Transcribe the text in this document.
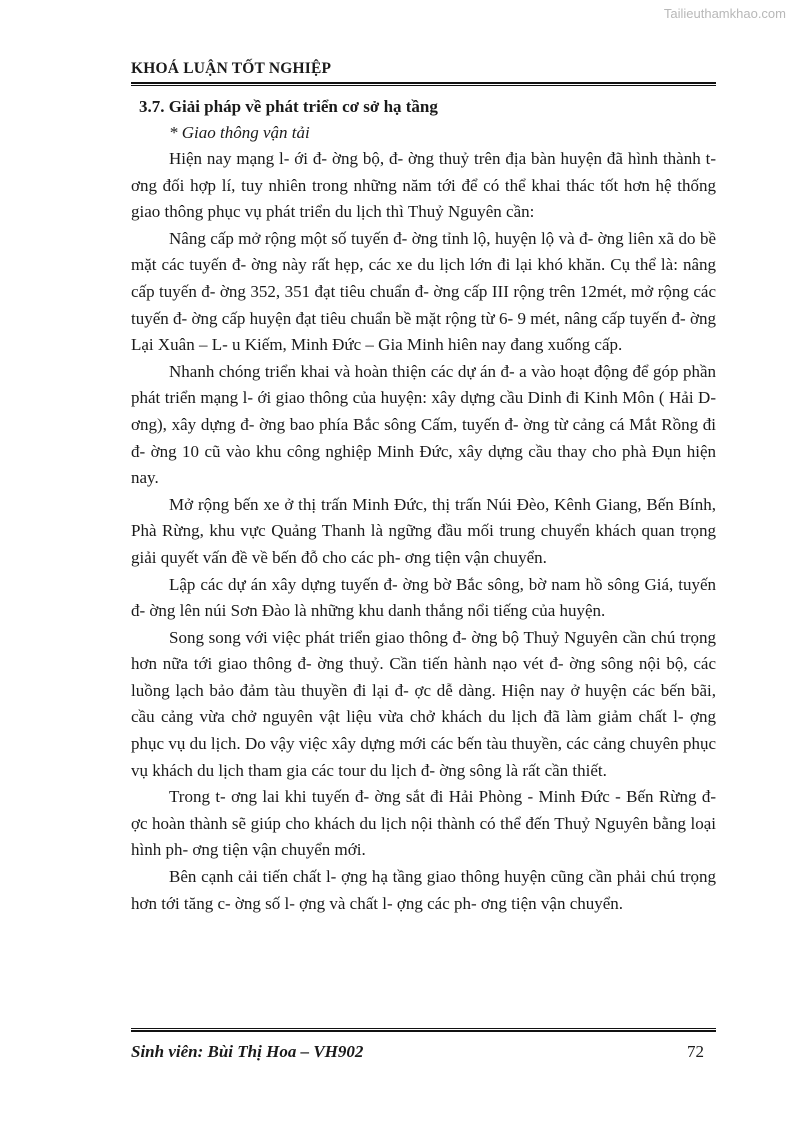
Tailieuthamkhao.com
KHOÁ LUẬN TỐT NGHIỆP
3.7. Giải pháp về phát triển cơ sở hạ tầng
* Giao thông vận tải

Hiện nay mạng l- ới đ- ờng bộ, đ- ờng thuỷ trên địa bàn huyện đã hình thành t- ơng đối hợp lí, tuy nhiên trong những năm tới để có thể khai thác tốt hơn hệ thống giao thông phục vụ phát triển du lịch thì Thuỷ Nguyên cần:

Nâng cấp mở rộng một số tuyến đ- ờng tỉnh lộ, huyện lộ và đ- ờng liên xã do bề mặt các tuyến đ- ờng này rất hẹp, các xe du lịch lớn đi lại khó khăn. Cụ thể là: nâng cấp tuyến đ- ờng 352, 351 đạt tiêu chuẩn đ- ờng cấp III rộng trên 12mét, mở rộng các tuyến đ- ờng cấp huyện đạt tiêu chuẩn bề mặt rộng từ 6- 9 mét, nâng cấp tuyến đ- ờng Lại Xuân – L- u Kiếm, Minh Đức – Gia Minh hiên nay đang xuống cấp.

Nhanh chóng triển khai và hoàn thiện các dự án đ- a vào hoạt động để góp phần phát triển mạng l- ới giao thông của huyện: xây dựng cầu Dinh đi Kinh Môn ( Hải D- ơng), xây dựng đ- ờng bao phía Bắc sông Cấm, tuyến đ- ờng từ cảng cá Mắt Rồng đi đ- ờng 10 cũ vào khu công nghiệp Minh Đức, xây dựng cầu thay cho phà Đụn hiện nay.

Mở rộng bến xe ở thị trấn Minh Đức, thị trấn Núi Đèo, Kênh Giang, Bến Bính, Phà Rừng, khu vực Quảng Thanh là ngững đầu mối trung chuyển khách quan trọng giải quyết vấn đề về bến đỗ cho các ph- ơng tiện vận chuyển.

Lập các dự án xây dựng tuyến đ- ờng bờ Bắc sông, bờ nam hồ sông Giá, tuyến đ- ờng lên núi Sơn Đào là những khu danh thắng nổi tiếng của huyện.

Song song với việc phát triển giao thông đ- ờng bộ Thuỷ Nguyên cần chú trọng hơn nữa tới giao thông đ- ờng thuỷ. Cần tiến hành nạo vét đ- ờng sông nội bộ, các luồng lạch bảo đảm tàu thuyền đi lại đ- ợc dễ dàng. Hiện nay ở huyện các bến bãi, cầu cảng vừa chở nguyên vật liệu vừa chở khách du lịch đã làm giảm chất l- ợng phục vụ du lịch. Do vậy việc xây dựng mới các bến tàu thuyền, các cảng chuyên phục vụ khách du lịch tham gia các tour du lịch đ- ờng sông là rất cần thiết.

Trong t- ơng lai khi tuyến đ- ờng sắt đi Hải Phòng - Minh Đức - Bến Rừng đ- ợc hoàn thành sẽ giúp cho khách du lịch nội thành có thể đến Thuỷ Nguyên bằng loại hình ph- ơng tiện vận chuyển mới.

Bên cạnh cải tiến chất l- ợng hạ tầng giao thông huyện cũng cần phải chú trọng hơn tới tăng c- ờng số l- ợng và chất l- ợng các ph- ơng tiện vận chuyển.

Sinh viên: Bùi Thị Hoa – VH902	72
